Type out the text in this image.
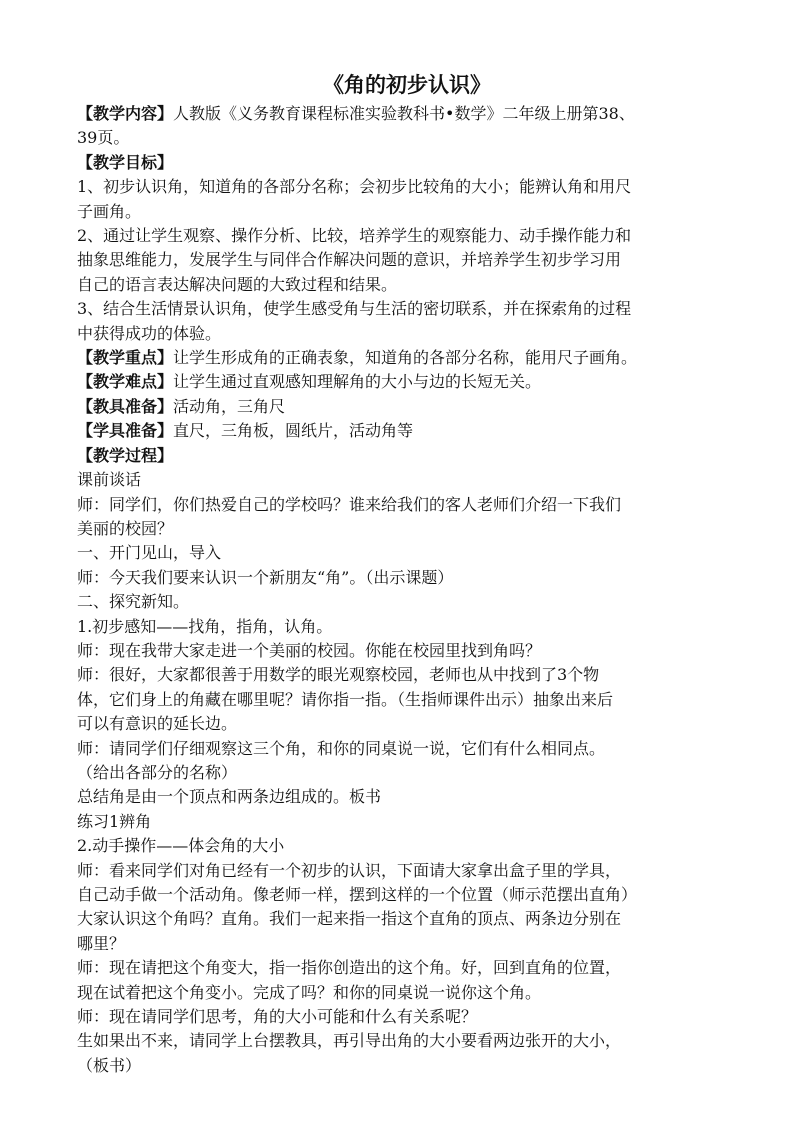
《角的初步认识》
【教学内容】人教版《义务教育课程标准实验教科书•数学》二年级上册第38、
39页。
【教学目标】
1、初步认识角，知道角的各部分名称；会初步比较角的大小；能辨认角和用尺
子画角。
2、通过让学生观察、操作分析、比较，培养学生的观察能力、动手操作能力和
抽象思维能力，发展学生与同伴合作解决问题的意识，并培养学生初步学习用
自己的语言表达解决问题的大致过程和结果。
3、结合生活情景认识角，使学生感受角与生活的密切联系，并在探索角的过程
中获得成功的体验。
【教学重点】让学生形成角的正确表象，知道角的各部分名称，能用尺子画角。
【教学难点】让学生通过直观感知理解角的大小与边的长短无关。
【教具准备】活动角，三角尺
【学具准备】直尺，三角板，圆纸片，活动角等
【教学过程】
课前谈话
师：同学们，你们热爱自己的学校吗？谁来给我们的客人老师们介绍一下我们
美丽的校园？
一、开门见山，导入
师：今天我们要来认识一个新朋友“角”。（出示课题）
二、探究新知。
1.初步感知——找角，指角，认角。
师：现在我带大家走进一个美丽的校园。你能在校园里找到角吗？
师：很好，大家都很善于用数学的眼光观察校园，老师也从中找到了3个物
体，它们身上的角藏在哪里呢？请你指一指。（生指师课件出示）抽象出来后
可以有意识的延长边。
师：请同学们仔细观察这三个角，和你的同桌说一说，它们有什么相同点。
（给出各部分的名称）
总结角是由一个顶点和两条边组成的。板书
练习1辨角
2.动手操作——体会角的大小
师：看来同学们对角已经有一个初步的认识，下面请大家拿出盒子里的学具，
自己动手做一个活动角。像老师一样，摆到这样的一个位置（师示范摆出直角）
大家认识这个角吗？直角。我们一起来指一指这个直角的顶点、两条边分别在
哪里？
师：现在请把这个角变大，指一指你创造出的这个角。好，回到直角的位置，
现在试着把这个角变小。完成了吗？和你的同桌说一说你这个角。
师：现在请同学们思考，角的大小可能和什么有关系呢？
生如果出不来，请同学上台摆教具，再引导出角的大小要看两边张开的大小，
（板书）
